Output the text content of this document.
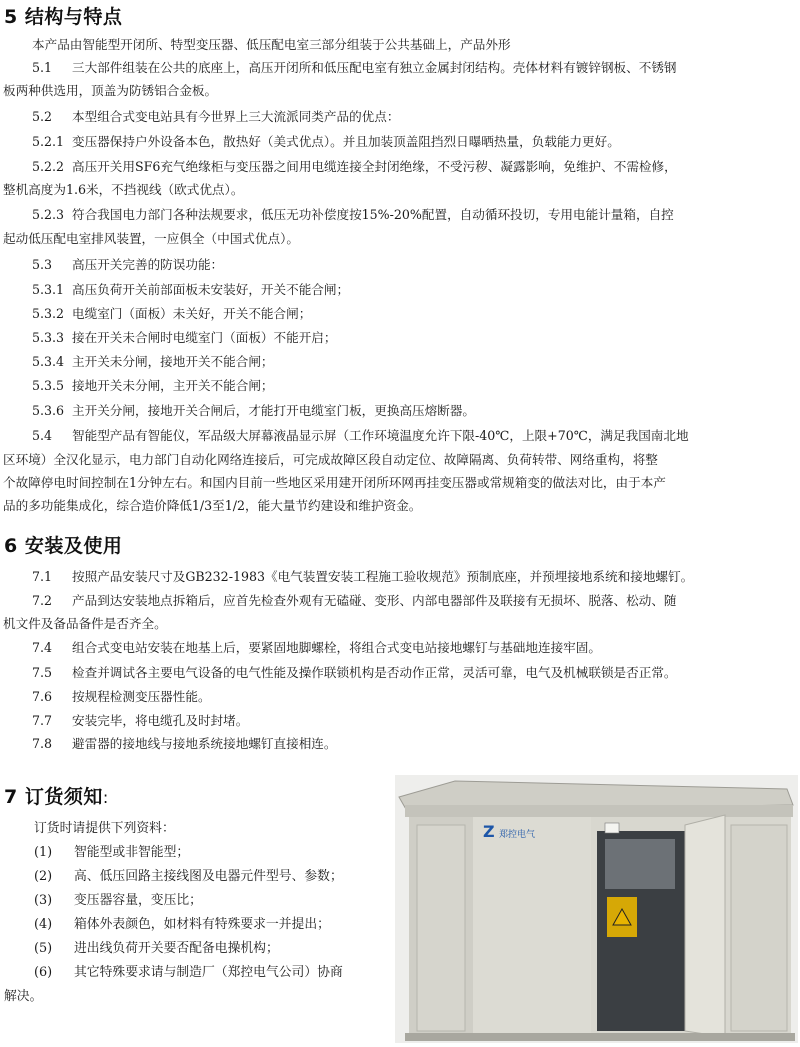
5 结构与特点
本产品由智能型开闭所、特型变压器、低压配电室三部分组装于公共基础上，产品外形
5.1 三大部件组装在公共的底座上，高压开闭所和低压配电室有独立金属封闭结构。壳体材料有镀锌钢板、不锈钢
板两种供选用，顶盖为防锈铝合金板。
5.2 本型组合式变电站具有今世界上三大流派同类产品的优点：
5.2.1 变压器保持户外设备本色，散热好（美式优点）。并且加装顶盖阻挡烈日曝晒热量，负载能力更好。
5.2.2 高压开关用SF6充气绝缘柜与变压器之间用电缆连接全封闭绝缘，不受污秽、凝露影响，免维护、不需检修，
整机高度为1.6米，不挡视线（欧式优点）。
5.2.3 符合我国电力部门各种法规要求，低压无功补偿度按15%-20%配置，自动循环投切，专用电能计量箱，自控
起动低压配电室排风装置，一应俱全（中国式优点）。
5.3 高压开关完善的防误功能：
5.3.1 高压负荷开关前部面板未安装好，开关不能合闸；
5.3.2 电缆室门（面板）未关好，开关不能合闸；
5.3.3 接在开关未合闸时电缆室门（面板）不能开启；
5.3.4 主开关未分闸，接地开关不能合闸；
5.3.5 接地开关未分闸，主开关不能合闸；
5.3.6 主开关分闸，接地开关合闸后，才能打开电缆室门板，更换高压熔断器。
5.4 智能型产品有智能仪，军品级大屏幕液晶显示屏（工作环境温度允许下限-40℃，上限+70℃，满足我国南北地
区环境）全汉化显示，电力部门自动化网络连接后，可完成故障区段自动定位、故障隔离、负荷转带、网络重构，将整
个故障停电时间控制在1分钟左右。和国内目前一些地区采用建开闭所环网再挂变压器或常规箱变的做法对比，由于本产
品的多功能集成化，综合造价降低1/3至1/2，能大量节约建设和维护资金。
6 安装及使用
7.1 按照产品安装尺寸及GB232-1983《电气装置安装工程施工验收规范》预制底座，并预埋接地系统和接地螺钉。
7.2 产品到达安装地点拆箱后，应首先检查外观有无磕碰、变形、内部电器部件及联接有无损坏、脱落、松动、随
机文件及备品备件是否齐全。
7.4 组合式变电站安装在地基上后，要紧固地脚螺栓，将组合式变电站接地螺钉与基础地连接牢固。
7.5 检查并调试各主要电气设备的电气性能及操作联锁机构是否动作正常，灵活可靠，电气及机械联锁是否正常。
7.6 按规程检测变压器性能。
7.7 安装完毕，将电缆孔及时封堵。
7.8 避雷器的接地线与接地系统接地螺钉直接相连。
7 订货须知:
订货时请提供下列资料：
(1) 智能型或非智能型；
(2) 高、低压回路主接线图及电器元件型号、参数；
(3) 变压器容量，变压比；
(4) 箱体外表颜色，如材料有特殊要求一并提出；
(5) 进出线负荷开关要否配备电操机构；
(6) 其它特殊要求请与制造厂（郑控电气公司）协商
解决。
Z 郑控电气
